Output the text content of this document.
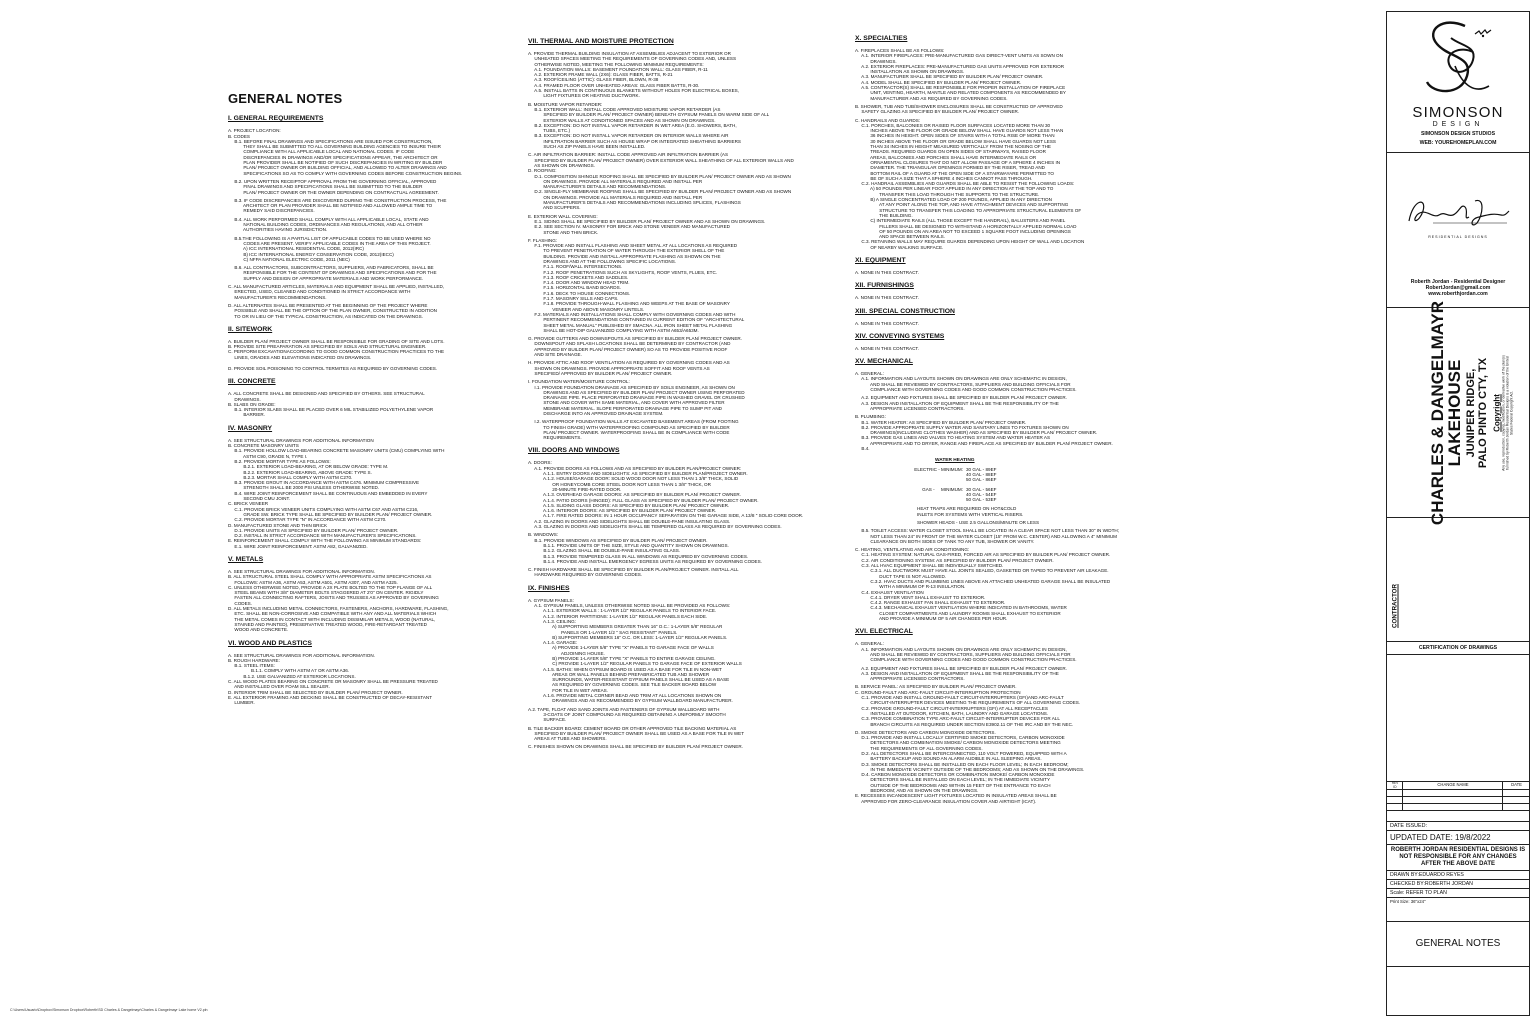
GENERAL NOTES
I. GENERAL REQUIREMENTS
A. PROJECT LOCATION:
B. CODES
B.1. BEFORE FINAL DRAWINGS AND SPECIFICATIONS ARE ISSUED FOR CONSTRUCTION,
THEY SHALL BE SUBMITTED TO ALL GOVERNING BUILDING AGENCIES TO INSURE THEIR
COMPLIANCE WITH ALL APPLICABLE LOCAL AND NATIONAL CODES. IF CODE
DISCREPANCIES IN DRAWINGS AND/OR SPECIFICATIONS APPEAR, THE ARCHITECT OR
PLAN PROVIDER SHALL BE NOTIFIED OF SUCH DISCREPANCIES IN WRITING BY BUILDER
PLAN/ PROJECT OWNER OR BUILDING OFFICIAL, AND ALLOWED TO ALTER DRAWINGS AND
SPECIFICATIONS SO AS TO COMPLY WITH GOVERNING CODES BEFORE CONSTRUCTION BEGINS.
B.2. UPON WRITTEN RECEIPTOF APPROVAL FROM THE GOVERNING OFFICIAL, APPROVED
FINAL DRAWINGS AND SPECIFICATIONS SHALL BE SUBMITTED TO THE BUILDER
PLAN/ PROJECT OWNER OR THE OWNER DEPENDING ON CONTRACTUAL AGREEMENT.
B.3. IF CODE DISCREPANCIES ARE DISCOVERED DURING THE CONSTRUCTION PROCESS, THE
ARCHITECT OR PLAN PROVIDER SHALL BE NOTIFIED AND ALLOWED AMPLE TIME TO
REMEDY SAID DISCREPANCIES.
B.4. ALL WORK PERFORMED SHALL COMPLY WITH ALL APPLICABLE LOCAL, STATE AND
NATIONAL BUILDING CODES, ORDINANCES AND REGULATIONS, AND ALL OTHER
AUTHORITIES HAVING JURISDICTION.
B.5.THE FOLLOWING IS A PARTIAL LIST OF APPLICABLE CODES TO BE USED WHERE NO
CODES ARE PRESENT. VERIFY APPLICABLE CODES IN THE AREA OF THIS PROJECT.
A) ICC INTERNATIONAL RESIDENTIAL CODE, 2012(IRC)
B) ICC INTERNATIONAL ENERGY CONSERVATION CODE, 2012(IECC)
C) NFPA NATIONAL ELECTRIC CODE, 2011 (NEC)
B.6. ALL CONTRACTORS, SUBCONTRACTORS, SUPPLIERS, AND FABRICATORS, SHALL BE
RESPONSIBLE FOR THE CONTENT OF DRAWINGS AND SPECIFICATIONS AND FOR THE
SUPPLY AND DESIGN OF APPROPRIATE MATERIALS AND WORK PERFORMANCE.
C. ALL MANUFACTURED ARTICLES, MATERIALS AND EQUIPMENT SHALL BE APPLIED, INSTALLED,
ERECTED, USED, CLEANED AND CONDITIONED IN STRICT ACCORDANCE WITH
MANUFACTURER'S RECOMMENDATIONS.
D. ALL ALTERNATES SHALL BE PRESENTED AT THE BEGINNING OF THE PROJECT WHERE
POSSIBLE AND SHALL BE THE OPTION OF THE PLAN OWNER, CONSTRUCTED IN ADDITION
TO OR IN LIEU OF THE TYPICAL CONSTRUCTION, AS INDICATED ON THE DRAWINGS.
II. SITEWORK
A. BUILDER PLAN/ PROJECT OWNER SHALL BE RESPONSIBLE FOR GRADING OF SITE AND LOTS.
B. PROVIDE SITE PREAPARATION AS SPECIFIED BY SOILS AND STRUCTURAL ENGINEER.
C. PERFORM EXCAVATIONACCORDING TO GOOD COMMON CONSTRUCTION PRACTICES TO THE
LINES, GRADES AND ELEVATIONS INDICATED ON DRAWINGS.
D. PROVIDE SOIL POISONING TO CONTROL TERMITES AS REQUIRED BY GOVERNING CODES.
III. CONCRETE
A. ALL CONCRETE SHALL BE DESIGNED AND SPECIFIED BY OTHERS. SEE STRUCTURAL
DRAWINGS.
B. SLABS ON GRADE:
B.1. INTERIOR SLABS SHALL BE PLACED OVER 6 MIL STABILIZED POLYETHYLENE VAPOR
BARRIER.
IV. MASONRY
A. SEE STRUCTURAL DRAWINGS FOR ADDITIONAL INFORMATION
B. CONCRETE MASONRY UNITS
B.1. PROVIDE HOLLOW LOAD-BEARING CONCRETE MASONRY UNITS (CMU) COMPLYING WITH
ASTM C90, GRADE N, TYPE I.
B.2. PROVIDE MORTAR TYPE AS FOLLOWS:
B.2.1. EXTERIOR LOAD-BEARING, AT OR BELOW GRADE: TYPE M.
B.2.2. EXTERIOR LOAD-BEARING, ABOVE GRADE: TYPE S.
B.2.3. MORTAR SHALL COMPLY WITH ASTM C270.
B.3. PROVIDE GROUT IN ACCORDANCE WITH ASTM C476. MINIMUM COMPRESSIVE
STRENGTH SHALL BE 2000 PSI UNLESS OTHERWISE NOTED.
B.4. WIRE JOINT REINFORCEMENT SHALL BE CONTINUOUS AND EMBEDDED IN EVERY
SECOND CMU JOINT.
C. BRICK VENEER
C.1. PROVIDE BRICK VENEER UNITS COMPLYING WITH ASTM C67 AND ASTM C216,
GRADE SW. BRICK TYPE SHALL BE SPECIFIED BY BUILDER PLAN/ PROJECT OWNER.
C.2. PROVIDE MORTAR TYPE "N" IN ACCORDANCE WITH ASTM C270.
D. MANUFACTURED STONE AND THIN BRICK
D.1. PROVIDE UNITS AS SPECIFIED BY BUILDER PLAN/ PROJECT OWNER.
D.2. INSTALL IN STRICT ACCORDANCE WITH MANUFACTURER'S SPECIFICATIONS.
E. REINFORCEMENT SHALL COMPLY WITH THE FOLLOWING AS MINIMUM STANDARDS:
E.1. WIRE JOINT REINFORCEMENT: ASTM A82, GALVANIZED.
V. METALS
A. SEE STRUCTURAL DRAWINGS FOR ADDITIONAL INFORMATION.
B. ALL STRUCTURAL STEEL SHALL COMPLY WITH APPROPRIATE ASTM SPECIFICATIONS AS
FOLLOWS: ASTM A36, ASTM A53, ASTM A501, ASTM A307, AND ASTM A325.
C. UNLESS OTHERWISE NOTED, PROVIDE A 2X PLATE BOLTED TO THE TOP FLANGE OF ALL
STEEL BEAMS WITH 3/8" DIAMETER BOLTS STAGGERED AT 2'0" ON CENTER. RIGIDLY
FASTEN ALL CONNECTING RAFTERS, JOISTS AND TRUSSES AS APPROVED BY GOVERNING
CODES.
D. ALL METALS INCLUDING METAL CONNECTORS, FASTENERS, ANCHORS, HARDWARE, FLASHING,
ETC. SHALL BE NON-CORROSIVE AND COMPATIBLE WITH ANY AND ALL MATERIALS WHICH
THE METAL COMES IN CONTACT WITH INCLUDING DISSIMILAR METALS, WOOD (NATURAL,
STAINED AND PAINTED), PRESERVATIVE TREATED WOOD, FIRE-RETARDANT TREATED
WOOD AND CONCRETE.
VI. WOOD AND PLASTICS
A. SEE STRUCTURAL DRAWINGS FOR ADDITIONAL INFORMATION.
B. ROUGH HARDWARE:
B.1. STEEL ITEMS:
B.1.1. COMPLY WITH ASTM A7 OR ASTM A36.
B.1.2. USE GALVANIZED AT EXTERIOR LOCATIONS.
C. ALL WOOD PLATES BEARING ON CONCRETE OR MASONRY SHALL BE PRESSURE TREATED
AND INSTALLED OVER FOAM SILL SEALER.
D. INTERIOR TRIM SHALL BE SELECTED BY BUILDER PLAN/ PROJECT OWNER.
E. ALL EXTERIOR FRAMING AND DECKING SHALL BE CONSTRUCTED OF DECAY-RESISTANT
LUMBER.
VII. THERMAL AND MOISTURE PROTECTION
A. PROVIDE THERMAL BUILDING INSULATION AT ASSEMBLIES ADJACENT TO EXTERIOR OR
UNHEATED SPACES MEETING THE REQUIREMENTS OF GOVERNING CODES AND, UNLESS
OTHERWISE NOTED, MEETING THE FOLLOWING MINIMUM REQUIREMENTS:
A.1. FOUNDATION WALLS: BASEMENT FOUNDATION WALL: GLASS FIBER, R-11
A.2. EXTERIOR FRAME WALL (2X6): GLASS FIBER, BATTS, R-21
A.3. ROOF/CEILING (ATTIC): GLASS FIBER, BLOWN, R-38
A.4. FRAMED FLOOR OVER UNHEATED AREAS: GLASS FIBER BATTS, R-30.
A.5. INSTALL BATTS IN CONTINUOUS BLANKETS WITHOUT HOLES FOR ELECTRICAL BOXES,
LIGHT FIXTURES OR HEATING DUCTWORK.
B. MOISTURE VAPOR RETARDER:
B.1. EXTERIOR WALL: INSTALL CODE APPROVED MOISTURE VAPOR RETARDER (AS
SPECIFIED BY BUILDER PLAN/ PROJECT OWNER) BENEATH GYPSUM PANELS ON WARM SIDE OF ALL
EXTERIOR WALLS AT CONDITIONED SPACES AND AS SHOWN ON DRAWINGS.
B.2. EXCEPTION: DO NOT INSTALL VAPOR RETARDER IN WET AREA (E.G. SHOWERS, BATH,
TUBS, ETC.)
B.3. EXCEPTION: DO NOT INSTALL VAPOR RETARDER ON INTERIOR WALLS WHERE AIR
INFILTRATION BARRIER SUCH AS HOUSE WRAP OR INTEGRATED SHEATHING BARRIERS
SUCH AS ZIP PANELS HAVE BEEN INSTALLED.
C. AIR INFILTRATION BARRIER: INSTALL CODE APPROVED AIR INFILTRATION BARRIER (AS
SPECIFIED BY BUILDER PLAN/ PROJECT OWNER) OVER EXTERIOR WALL SHEATHING OF ALL EXTERIOR WALLS AND
AS SHOWN ON DRAWINGS.
D. ROOFING:
D.1. COMPOSITION SHINGLE ROOFING SHALL BE SPECIFIED BY BUILDER PLAN/ PROJECT OWNER AND AS SHOWN
ON DRAWINGS. PROVIDE ALL MATERIALS REQUIRED AND INSTALL PER
MANUFACTURER'S DETAILS AND RECOMMENDATIONS.
D.2. SINGLE-PLY MEMBRANE ROOFING SHALL BE SPECIFIED BY BUILDER PLAN/ PROJECT OWNER AND AS SHOWN
ON DRAWINGS. PROVIDE ALL MATERIALS REQUIRED AND INSTALL PER
MANUFACTURER'S DETAILS AND RECOMMENDATIONS INCLUDING SPLICES, FLASHINGS
AND SCUPPERS.
E. EXTERIOR WALL COVERING:
E.1. SIDING SHALL BE SPECIFIED BY BUILDER PLAN/ PROJECT OWNER AND AS SHOWN ON DRAWINGS.
E.2. SEE SECTION IV. MASONRY FOR BRICK AND STONE VENEER AND MANUFACTURED
STONE AND THIN BRICK.
F. FLASHING:
F.1. PROVIDE AND INSTALL FLASHING AND SHEET METAL AT ALL LOCATIONS AS REQUIRED
TO PREVENT PENETRATION OF WATER THROUGH THE EXTERIOR SHELL OF THE
BUILDING. PROVIDE AND INSTALL APPROPRIATE FLASHING AS SHOWN ON THE
DRAWINGS AND AT THE FOLLOWING SPECIFIC LOCATIONS.
F.1.1. ROOF/WALL INTERSECTIONS.
F.1.2. ROOF PENETRATIONS SUCH AS SKYLIGHTS, ROOF VENTS, FLUES, ETC.
F.1.3. ROOF CRICKETS AND SADDLES.
F.1.4. DOOR AND WINDOW HEAD TRIM.
F.1.5. HORIZONTAL BAND BOARDS.
F.1.6. DECK TO HOUSE CONNECTIONS.
F.1.7. MASONRY SILLS AND CAPS.
F.1.8. PROVIDE THROUGH-WALL FLASHING AND WEEPS AT THE BASE OF MASONRY
VENEER AND ABOVE MASONRY LINTELS.
F.2. MATERIALS AND INSTALLATIONS SHALL COMPLY WITH GOVERNING CODES AND WITH
PERTINENT RECOMMENDATIONS CONTAINED IN CURRENT EDITION OF "ARCHITECTURAL
SHEET METAL MANUAL" PUBLISHED BY SMACNA. ALL IRON SHEET METAL FLASHING
SHALL BE HOT-DIP GALVANIZED COMPLYING WITH ASTM A653/A653M.
G. PROVIDE GUTTERS AND DOWNSPOUTS AS SPECIFIED BY BUILDER PLAN/ PROJECT OWNER.
DOWNSPOUT AND SPLASH LOCATIONS SHALL BE DETERMINED BY CONTRACTOR (AND
APPROVED BY BUILDER PLAN/ PROJECT OWNER) SO AS TO PROVIDE POSITIVE ROOF
AND SITE DRAINAGE.
H. PROVIDE ATTIC AND ROOF VENTILATION AS REQUIRED BY GOVERNING CODES AND AS
SHOWN ON DRAWINGS. PROVIDE APPROPRIATE SOFFIT AND ROOF VENTS AS
SPECIFIED/ APPROVED BY BUILDER PLAN/ PROJECT OWNER.
I. FOUNDATION WATER/MOISTURE CONTROL:
I.1. PROVIDE FOUNDATION DRAINAGE AS SPECIFIED BY SOILS ENGINEER, AS SHOWN ON
DRAWINGS AND AS SPECIFIED BY BUILDER PLAN/ PROJECT OWNER USING PERFORATED
DRAINAGE PIPE. PLACE PERFORATED DRAINAGE PIPE IN WASHED GRAVEL OR CRUSHED
STONE AND COVER WITH SAME MATERIAL, AND COVER WITH APPROVED FILTER
MEMBRANE MATERIAL. SLOPE PERFORATED DRAINAGE PIPE TO SUMP PIT AND
DISCHARGE INTO AN APPROVED DRAINAGE SYSTEM.
I.2. WATERPROOF FOUNDATION WALLS AT EXCAVATED BASEMENT AREAS (FROM FOOTING
TO FINISH GRADE) WITH WATERPROOFING COMPOUND AS SPECIFIED BY BUILDER
PLAN/ PROJECT OWNER. WATERPROOFING SHALL BE IN COMPLIANCE WITH CODE
REQUIREMENTS.
VIII. DOORS AND WINDOWS
A. DOORS:
A.1. PROVIDE DOORS AS FOLLOWS AND AS SPECIFIED BY BUILDER PLAN/PROJECT OWNER:
A.1.1. ENTRY DOORS AND SIDELIGHTS: AS SPECIFIED BY BUILDER PLAN/PROJECT OWNER.
A.1.2. HOUSE/GARAGE DOOR: SOLID WOOD DOOR NOT LESS THAN 1 3/8" THICK, SOLID
OR HONEYCOMB CORE STEEL DOOR NOT LESS THAN 1 3/8" THICK, OR
20-MINUTE FIRE-RATED DOOR.
A.1.3. OVERHEAD GARAGE DOORS: AS SPECIFIED BY BUILDER PLAN/ PROJECT OWNER.
A.1.4. PATIO DOORS (HINGED): FULL GLASS AS SPECIFIED BY BUILDER PLAN/ PROJECT OWNER.
A.1.5. SLIDING GLASS DOORS: AS SPECIFIED BY BUILDER PLAN/ PROJECT OWNER.
A.1.6. INTERIOR DOORS: AS SPECIFIED BY BUILDER PLAN/ PROJECT OWNER.
A.1.7. FIRE RATED DOORS: IN 1 HOUR OCCUPANCY SEPARATION ON THE GARAGE SIDE, A 13/8 " SOLID CORE DOOR.
A.2. GLAZING IN DOORS AND SIDELIGHTS SHALL BE DOUBLE-PANE INSULATING GLASS.
A.3. GLAZING IN DOORS AND SIDELIGHTS SHALL BE TEMPERED GLASS AS REQUIRED BY GOVERNING CODES.
B. WINDOWS:
B.1. PROVIDE WINDOWS AS SPECIFIED BY BUILDER PLAN/ PROJECT OWNER.
B.1.1. PROVIDE UNITS OF THE SIZE, STYLE AND QUANTITY SHOWN ON DRAWINGS.
B.1.2. GLAZING SHALL BE DOUBLE-PANE INSULATING GLASS.
B.1.3. PROVIDE TEMPERED GLASS IN ALL WINDOWS AS REQUIRED BY GOVERNING CODES.
B.1.4. PROVIDE AND INSTALL EMERGENCY EGRESS UNITS AS REQUIRED BY GOVERNING CODES.
C. FINISH HARDWARE SHALL BE SPECIFIED BY BUILDER PLAN/PROJECT OWNER. INSTALL ALL
HARDWARE REQUIRED BY GOVERNING CODES.
IX. FINISHES
A. GYPSUM PANELS:
A.1. GYPSUM PANELS, UNLESS OTHERWISE NOTED SHALL BE PROVIDED AS FOLLOWS:
A.1.1. EXTERIOR WALLS : 1-LAYER 1/2" REGULAR PANELS TO INTERIOR FACE.
A.1.2. INTERIOR PARTITIONS: 1-LAYER 1/2" REGULAR PANELS EACH SIDE.
A.1.3. CEILING:
A) SUPPORTING MEMBERS GREATER THAN 16" O.C.: 1-LAYER 5/8" REGULAR
PANELS OR 1-LAYER 1/2 " SAG RESISTANT" PANELS.
B) SUPPORTING MEMBERS 16" O.C. OR LESS: 1-LAYER 1/2" REGULAR PANELS.
A.1.4. GARAGE:
A) PROVIDE 1-LAYER 5/8" TYPE "X" PANELS TO GARAGE FACE OF WALLS
ADJOINING HOUSE.
B) PROVIDE 1-LAYER 5/8" TYPE "X" PANELS TO ENTIRE GARAGE CEILING.
C) PROVIDE 1-LAYER 1/2" REGULAR PANELS TO GARAGE FACE OF EXTERIOR WALLS
A.1.5. BATHS: WHEN GYPSUM BOARD IS USED AS A BASE FOR TILE IN NON-WET
AREAS OR WALL PANELS BEHIND PREFABRICATED TUB AND SHOWER
SURROUNDS, WATER-RESISTANT GYPSUM PANELS SHALL BE USED AS A BASE
AS REQUIRED BY GOVERNING CODES. SEE TILE BACKER BOARD BELOW
FOR TILE IN WET AREAS.
A.1.6. PROVIDE METAL CORNER BEAD AND TRIM AT ALL LOCATIONS SHOWN ON
DRAWINGS AND AS RECOMMENDED BY GYPSUM WALLBOARD MANUFACTURER.
A.2. TAPE, FLOAT AND SAND JOINTS AND FASTENERS OF GYPSUM WALLBOARD WITH
3-COATS OF JOINT COMPOUND AS REQUIRED OBTAINING A UNIFORMLY SMOOTH
SURFACE.
B. TILE BACKER BOARD: CEMENT BOARD OR OTHER APPROVED TILE BACKING MATERIAL AS
SPECIFIED BY BUILDER PLAN/ PROJECT OWNER SHALL BE USED AS A BASE FOR TILE IN WET
AREAS AT TUBS AND SHOWERS.
C. FINISHES SHOWN ON DRAWINGS SHALL BE SPECIFIED BY BUILDER PLAN/ PROJECT OWNER.
X. SPECIALTIES
A. FIREPLACES SHALL BE AS FOLLOWS:
A.1. INTERIOR FIREPLACES: PRE-MANUFACTURED GAS DIRECT-VENT UNITS AS SOWN ON
DRAWINGS.
A.2. EXTERIOR FIREPLACES: PRE-MANUFACTURED GAS UNITS APPROVED FOR EXTERIOR
INSTALLATION AS SHOWN ON DRAWINGS.
A.3. MANUFACTURER SHALL BE SPECIFIED BY BUILDER PLAN/ PROJECT OWNER.
A.4. MODEL SHALL BE SPECIFIED BY BUILDER PLAN/ PROJECT OWNER.
A.5. CONTRACTOR(S) SHALL BE RESPONSIBLE FOR PROPER INSTALLATION OF FIREPLACE
UNIT, VENTING, HEARTH, MANTLE AND RELATED COMPONENTS AS RECOMMENDED BY
MANUFACTURER AND AS REQUIRED BY GOVERNING CODES.
B. SHOWER, TUB AND TUB/SHOWER ENCLOSURES SHALL BE CONSTRUCTED OF APPROVED
SAFETY GLAZING AS SPECIFIED BY BUILDER PLAN/ PROJECT OWNER.
C. HANDRAILS AND GUARDS:
C.1. PORCHES, BALCONIES OR RAISED FLOOR SURFACES LOCATED MORE THAN 30
INCHES ABOVE THE FLOOR OR GRADE BELOW SHALL HAVE GUARDS NOT LESS THAN
36 INCHES IN HEIGHT. OPEN SIDES OF STAIRS WITH A TOTAL RISE OF MORE THAN
30 INCHES ABOVE THE FLOOR OR GRADE BELOW SHALL HAVE GUARDS NOT LESS
THAN 34 INCHES IN HEIGHT MEASURED VERTICALLY FROM THE NOSING OF THE
TREADS. REQUIRED GUARDS ON OPEN SIDES OF STAIRWAYS, RAISED FLOOR
AREAS, BALCONIES AND PORCHES SHALL HAVE INTERMEDIATE RAILS OR
ORNAMENTAL CLOSURES THAT DO NOT ALLOW PASSAGE OF A SPHERE 4 INCHES IN
DIAMETER. THE TRIANGULAR OPENINGS FORMED BY THE RISER, TREAD AND
BOTTOM RAIL OF A GUARD AT THE OPEN SIDE OF A STAIRWAYARE PERMITTED TO
BE OF SUCH A SIZE THAT A SPHERE 4 INCHES CANNOT PASS THROUGH.
C.2. HANDRAIL ASSEMBLIES AND GUARDS SHALL BE ABLE TO RESIST THE FOLLOWING LOADS:
A) 50 POUNDS PER LINEAR FOOT APPLIED IN ANY DIRECTION AT THE TOP AND TO
TRANSFER THIS LOAD THROUGH THE SUPPORTS TO THE STRUCTURE.
B) A SINGLE CONCENTRATED LOAD OF 200 POUNDS, APPLIED IN ANY DIRECTION
AT ANY POINT ALONG THE TOP, AND HAVE ATTACHMENT DEVICES AND SUPPORTING
STRUCTURE TO TRANSFER THIS LOADING TO APPROPRIATE STRUCTURAL ELEMENTS OF
THE BUILDING.
C) INTERMEDIATE RAILS (ALL THOSE EXCEPT THE HANDRAIL), BALUSTERS AND PANEL
FILLERS SHALL BE DESIGNED TO WITHSTAND A HORIZONTALLY APPLIED NORMAL LOAD
OF 50 POUNDS ON AN AREA NOT TO EXCEED 1 SQUARE FOOT INCLUDING OPENINGS
AND SPACE BETWEEN RAILS.
C.3. RETAINING WALLS MAY REQUIRE GUARDS DEPENDING UPON HEIGHT OF WALL AND LOCATION
OF NEARBY WALKING SURFACE.
XI. EQUIPMENT
A. NONE IN THIS CONTRACT.
XII. FURNISHINGS
A. NONE IN THIS CONTRACT.
XIII. SPECIAL CONSTRUCTION
A. NONE IN THIS CONTRACT.
XIV. CONVEYING SYSTEMS
A. NONE IN THIS CONTRACT.
XV. MECHANICAL
A. GENERAL:
A.1. INFORMATION AND LAYOUTS SHOWN ON DRAWINGS ARE ONLY SCHEMATIC IN DESIGN,
AND SHALL BE REVIEWED BY CONTRACTORS, SUPPLIERS AND BUILDING OFFICIALS FOR
COMPLIANCE WITH GOVERNING CODES AND GOOD COMMON CONSTRUCTION PRACTICES.
A.2. EQUIPMENT AND FIXTURES SHALL BE SPECIFIED BY BUILDER PLAN/ PROJECT OWNER.
A.3. DESIGN AND INSTALLATION OF EQUIPMENT SHALL BE THE RESPONSIBILITY OF THE
APPROPRIATE LICENSED CONTRACTORS.
B. PLUMBING:
B.1. WATER HEATER: AS SPECIFIED BY BUILDER PLAN/ PROJECT OWNER.
B.2. PROVIDE APPROPRIATE SUPPLY WATER AND SANITARY LINES TO FIXTURES SHOWN ON
DRAWINGS(INCLUDING CLOTHES WASHER) AND AS SPECIFIED BY BUILDER PLAN/ PROJECT OWNER.
B.3. PROVIDE GAS LINES AND VALVES TO HEATING SYSTEM AND WATER HEATER AS
APPROPRIATE AND TO DRYER, RANGE AND FIREPLACE AS SPECIFIED BY BUILDER PLAN/ PROJECT OWNER.
B.4.
WATER HEATING
ELECTRIC - MINIMUM: 30 GAL - 89EF
40 GAL - 88EF
50 GAL - 86EF
GAS -     MINIMUM: 30 GAL - 56EF
40 GAL - 54EF
50 GAL - 53EF
HEAT TRAPS ARE REQUIRED ON HOT&COLD
INLETS FOR SYSTEMS WITH VERTICAL RISERS.
SHOWER HEADS - USE 2.5 GALLONS/MINUTE OR LESS
B.5. TOILET ACCESS: WATER CLOSET STOOL SHALL BE LOCATED IN A CLEAR SPACE NOT LESS THAN 30" IN WIDTH;
NOT LESS THAN 24" IN FRONT OF THE WATER CLOSET (15" FROM W.C. CENTER) AND ALLOWING A 4" MINIMUM
CLEARANCE ON BOTH SIDES OF TANK TO ANY TUB, SHOWER OR VANITY.
C. HEATING, VENTILATING AND AIR CONDITIONING:
C.1. HEATING SYSTEM: NATURAL GAS-FIRED, FORCED AIR AS SPECIFIED BY BUILDER PLAN/ PROJECT OWNER.
C.2. AIR CONDITIONING SYSTEM: AS SPECIFIED BY BUILDER PLAN/ PROJECT OWNER.
C.3. ALL HVAC EQUIPMENT SHALL BE INDIVIDUALLY SWITCHED.
C.3.1. ALL DUCTWORK MUST HAVE ALL JOINTS SEALED, GASKETED OR TAPED TO PREVENT AIR LEAKAGE.
DUCT TAPE IS NOT ALLOWED.
C.3.2. HVAC DUCTS AND PLUMBING LINES ABOVE AN ATTACHED UNHEATED GARAGE SHALL BE INSULATED
WITH A MINIMUM OF R-13 INSULATION.
C.4. EXHAUST VENTILATION
C.4.1. DRYER VENT SHALL EXHAUST TO EXTERIOR.
C.4.2. RANGE EXHAUST FAN SHALL EXHAUST TO EXTERIOR.
C.4.3. MECHANICAL EXHAUST VENTILATION WHERE INDICATED IN BATHROOMS, WATER
CLOSET COMPARTMENTS AND LAUNDRY ROOMS SHALL EXHAUST TO EXTERIOR
AND PROVIDE A MINIMUM OF 5 AIR CHANGES PER HOUR.
XVI. ELECTRICAL
A. GENERAL:
A.1. INFORMATION AND LAYOUTS SHOWN ON DRAWINGS ARE ONLY SCHEMATIC IN DESIGN,
AND SHALL BE REVIEWED BY CONTRACTORS, SUPPLIERS AND BUILDING OFFICIALS FOR
COMPLIANCE WITH GOVERNING CODES AND GOOD COMMON CONSTRUCTION PRACTICES.
A.2. EQUIPMENT AND FIXTURES SHALL BE SPECIFIED BY BUILDER PLAN/ PROJECT OWNER.
A.3. DESIGN AND INSTALLATION OF EQUIPMENT SHALL BE THE RESPONSIBILITY OF THE
APPROPRIATE LICENSED CONTRACTORS.
B. SERVICE PANEL: AS SPECIFIED BY BUILDER PLAN/ PROJECT OWNER.
C. GROUND-FAULT AND ARC-FAULT CIRCUIT-INTERRUPTION PROTECTION
C.1. PROVIDE AND INSTALL GROUND-FAULT CIRCUIT-INTERRUPTERS (GFI)AND ARC-FAULT
CIRCUIT-INTERRUPTER DEVICES MEETING THE REQUIREMENTS OF ALL GOVERNING CODES.
C.2. PROVIDE GROUND-FAULT CIRCUIT-INTERRUPTERS (GFI) AT ALL RECEPTACLES
INSTALLED AT OUTDOOR, KITCHEN, BATH, LAUNDRY AND GARAGE LOCATIONS.
C.3. PROVIDE COMBINATION TYPE ARC-FAULT CIRCUIT-INTERRUPTER DEVICES FOR ALL
BRANCH CIRCUITS AS REQUIRED UNDER SECTION E3902.11 OF THE IRC AND BY THE NEC.
D. SMOKE DETECTORS AND CARBON MONOXIDE DETECTORS.
D.1. PROVIDE AND INSTALL LOCALLY CERTIFIED SMOKE DETECTORS, CARBON MONOXIDE
DETECTORS AND COMBINATION SMOKE/ CARBON MONOXIDE DETECTORS MEETING
THE REQUIREMENTS OF ALL GOVERNING CODES.
D.2. ALL DETECTORS SHALL BE INTERCONNECTED, 110 VOLT POWERED, EQUIPPED WITH A
BATTERY BACKUP AND SOUND AN ALARM AUDIBLE IN ALL SLEEPING AREAS.
D.3. SMOKE DETECTORS SHALL BE INSTALLED ON EACH FLOOR LEVEL; IN EACH BEDROOM;
IN THE IMMEDIATE VICINITY OUTSIDE OF THE BEDROOMS; AND AS SHOWN ON THE DRAWINGS.
D.4. CARBON MONOXIDE DETECTORS OR COMBINATION SMOKE/ CARBON MONOXIDE
DETECTORS SHALL BE INSTALLED ON EACH LEVEL; IN THE IMMEDIATE VICINITY
OUTSIDE OF THE BEDROOMS AND WITHIN 15 FEET OF THE ENTRANCE TO EACH
BEDROOM; AND AS SHOWN ON THE DRAWINGS.
E. RECESSES INCANDESCENT LIGHT FIXTURES LOCATED IN INSULATED AREAS SHALL BE
APPROVED FOR ZERO-CLEARANCE INSULATION COVER AND AIRTIGHT (ICAT).
SIMONSON
DESIGN
SIMONSON DESIGN STUDIOS
WEB: YOUREHOMEPLAN.COM
RESIDENTIAL DESIGNS
Roberth Jordan - Residential Designer
RobertJordan@gmail.com
www.roberthjordan.com
CHARLES & DANGELMAYR
LAKEHOUSE JUNIPER RIDGE, PALO PINTO CTY, TX Copyright Any use, reproduction, copying, modification, or derivative work of the plan(s) furnished by Roberth Jordan Residential Designs is a violation of the United States Federal Copyright Act.
CONTRACTOR
CERTIFICATION OF DRAWINGS
REV
ID	CHANGE NAME	DATE
DATE ISSUED:
UPDATED DATE: 19/8/2022
ROBERTH JORDAN RESIDENTIAL DESIGNS IS NOT RESPONSIBLE FOR ANY CHANGES AFTER THE ABOVE DATE
DRAWN BY:EDUARDO REYES
CHECKED BY:ROBERTH JORDAN
Scale: REFER TO PLAN
Print Size: 36"x24"
GENERAL NOTES
C:\Users\Usuario\Dropbox\Simonson Dropbox\Roberth\SD Charles & Dangelmayr\Charles & Dangelmayr Lake home V2.pln
